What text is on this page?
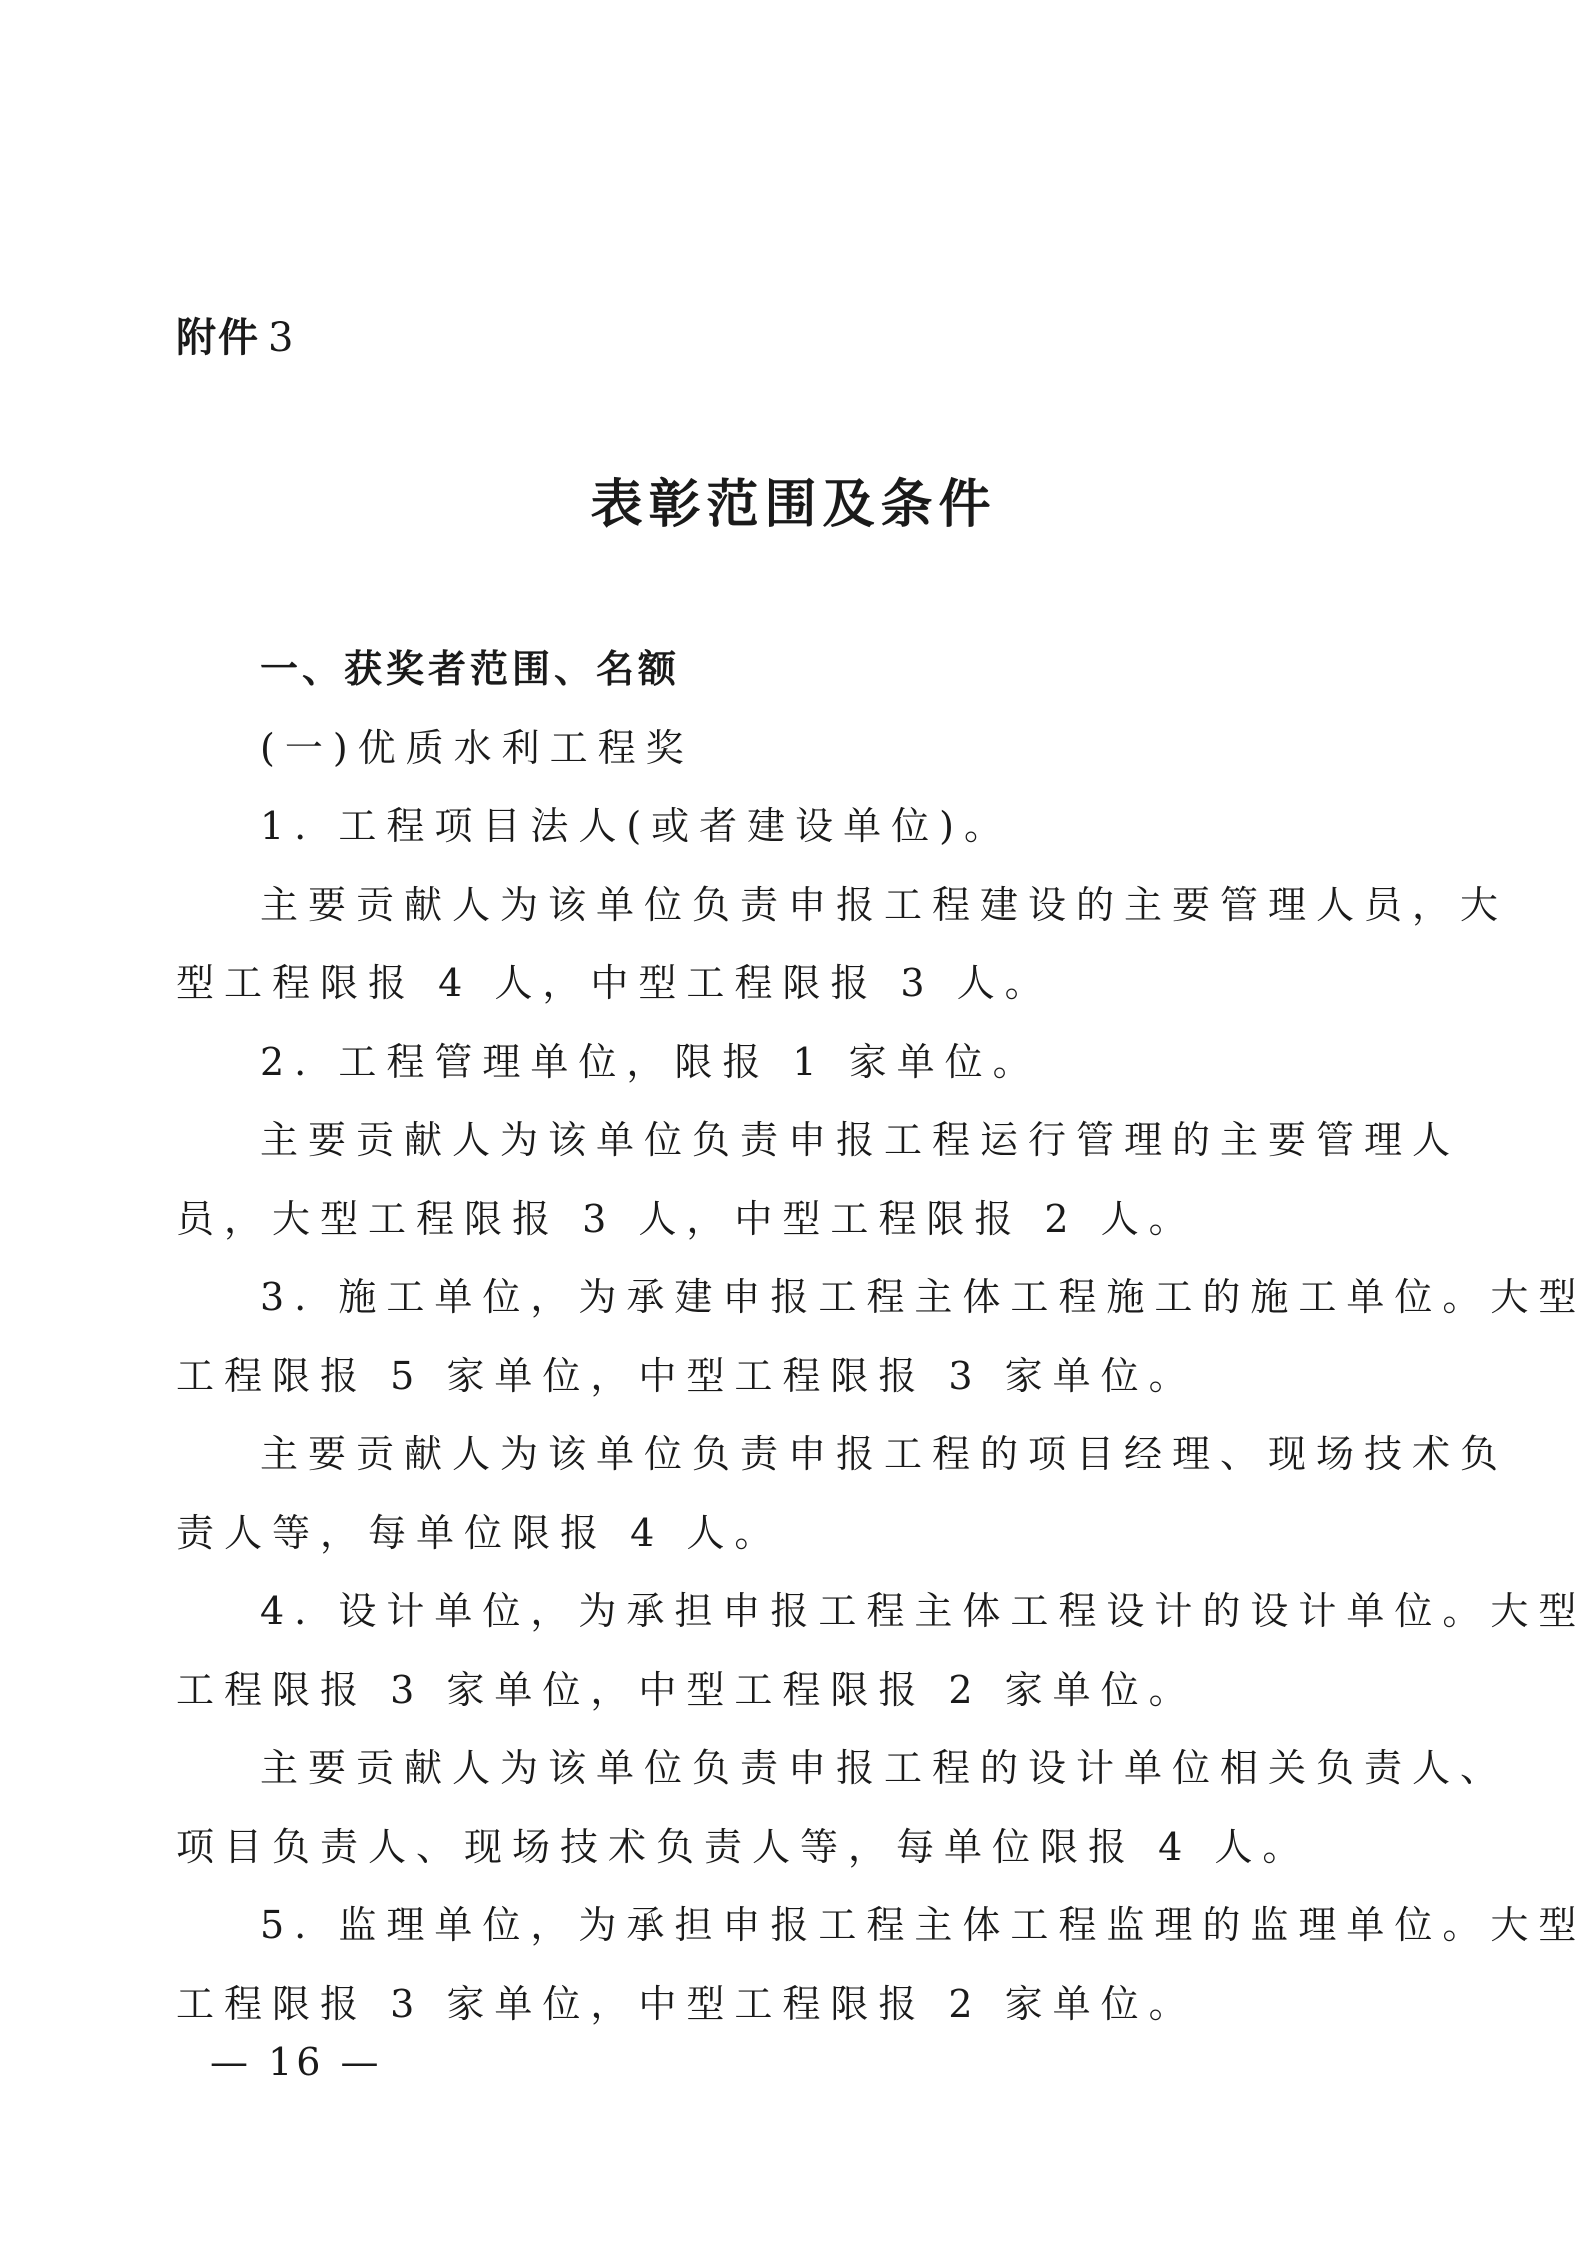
附件 3
表彰范围及条件
一、获奖者范围、名额
(一)优质水利工程奖
1. 工程项目法人(或者建设单位)。
主要贡献人为该单位负责申报工程建设的主要管理人员，大
型工程限报 4 人，中型工程限报 3 人。
2. 工程管理单位，限报 1 家单位。
主要贡献人为该单位负责申报工程运行管理的主要管理人
员，大型工程限报 3 人，中型工程限报 2 人。
3. 施工单位，为承建申报工程主体工程施工的施工单位。大型
工程限报 5 家单位，中型工程限报 3 家单位。
主要贡献人为该单位负责申报工程的项目经理、现场技术负
责人等，每单位限报 4 人。
4. 设计单位，为承担申报工程主体工程设计的设计单位。大型
工程限报 3 家单位，中型工程限报 2 家单位。
主要贡献人为该单位负责申报工程的设计单位相关负责人、
项目负责人、现场技术负责人等，每单位限报 4 人。
5. 监理单位，为承担申报工程主体工程监理的监理单位。大型
工程限报 3 家单位，中型工程限报 2 家单位。
— 16 —
